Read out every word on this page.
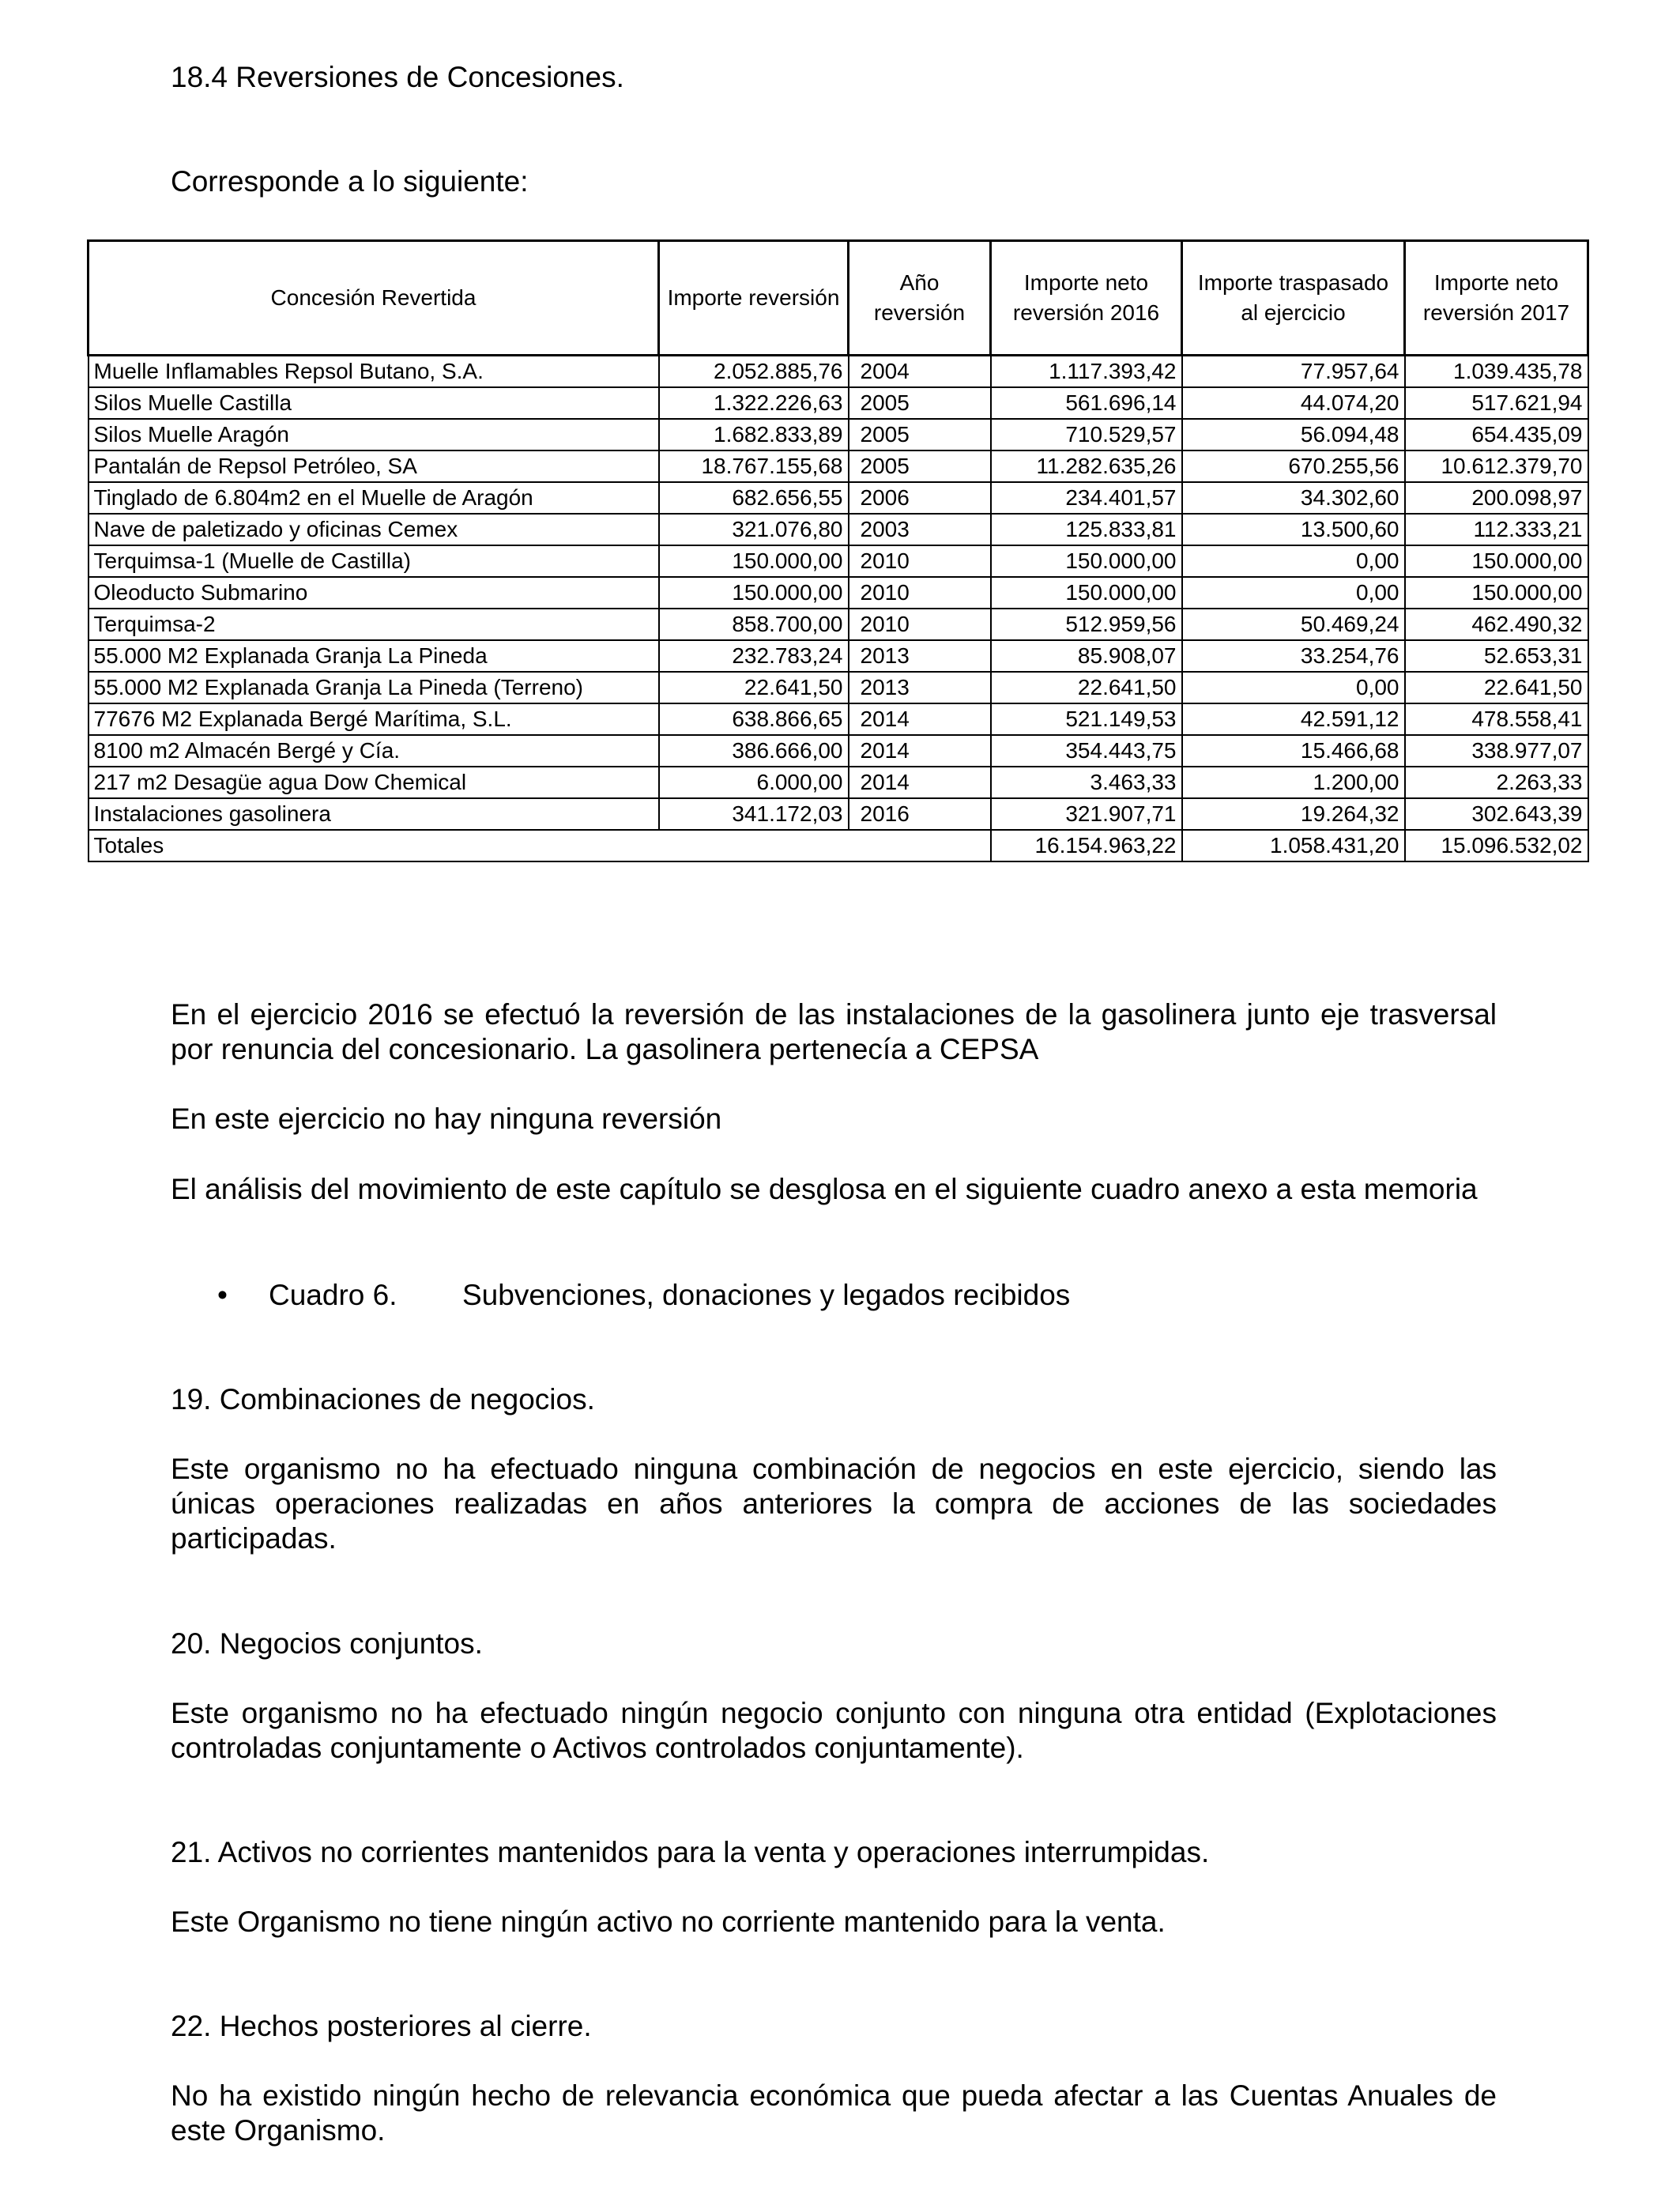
18.4 Reversiones de Concesiones.

Corresponde a lo siguiente:

Concesión Revertida	Importe reversión	Año reversión	Importe neto reversión 2016	Importe traspasado al ejercicio	Importe neto reversión 2017
Muelle Inflamables Repsol Butano, S.A.	2.052.885,76	2004	1.117.393,42	77.957,64	1.039.435,78
Silos Muelle Castilla	1.322.226,63	2005	561.696,14	44.074,20	517.621,94
Silos Muelle Aragón	1.682.833,89	2005	710.529,57	56.094,48	654.435,09
Pantalán de Repsol Petróleo, SA	18.767.155,68	2005	11.282.635,26	670.255,56	10.612.379,70
Tinglado de 6.804m2 en el Muelle de Aragón	682.656,55	2006	234.401,57	34.302,60	200.098,97
Nave de paletizado y oficinas Cemex	321.076,80	2003	125.833,81	13.500,60	112.333,21
Terquimsa-1 (Muelle de Castilla)	150.000,00	2010	150.000,00	0,00	150.000,00
Oleoducto Submarino	150.000,00	2010	150.000,00	0,00	150.000,00
Terquimsa-2	858.700,00	2010	512.959,56	50.469,24	462.490,32
55.000 M2 Explanada Granja La Pineda	232.783,24	2013	85.908,07	33.254,76	52.653,31
55.000 M2 Explanada Granja La Pineda (Terreno)	22.641,50	2013	22.641,50	0,00	22.641,50
77676 M2 Explanada Bergé Marítima, S.L.	638.866,65	2014	521.149,53	42.591,12	478.558,41
8100 m2 Almacén Bergé y Cía.	386.666,00	2014	354.443,75	15.466,68	338.977,07
217 m2 Desagüe agua Dow Chemical	6.000,00	2014	3.463,33	1.200,00	2.263,33
Instalaciones gasolinera	341.172,03	2016	321.907,71	19.264,32	302.643,39
Totales			16.154.963,22	1.058.431,20	15.096.532,02

En el ejercicio 2016 se efectuó la reversión de las instalaciones de la gasolinera junto eje trasversal por renuncia del concesionario. La gasolinera pertenecía a CEPSA

En este ejercicio no hay ninguna reversión

El análisis del movimiento de este capítulo se desglosa en el siguiente cuadro anexo a esta memoria

• Cuadro 6. Subvenciones, donaciones y legados recibidos
19. Combinaciones de negocios.

Este organismo no ha efectuado ninguna combinación de negocios en este ejercicio, siendo las únicas operaciones realizadas en años anteriores la compra de acciones de las sociedades participadas.

20. Negocios conjuntos.

Este organismo no ha efectuado ningún negocio conjunto con ninguna otra entidad (Explotaciones controladas conjuntamente o Activos controlados conjuntamente).

21. Activos no corrientes mantenidos para la venta y operaciones interrumpidas.

Este Organismo no tiene ningún activo no corriente mantenido para la venta.

22. Hechos posteriores al cierre.

No ha existido ningún hecho de relevancia económica que pueda afectar a las Cuentas Anuales de este Organismo.
